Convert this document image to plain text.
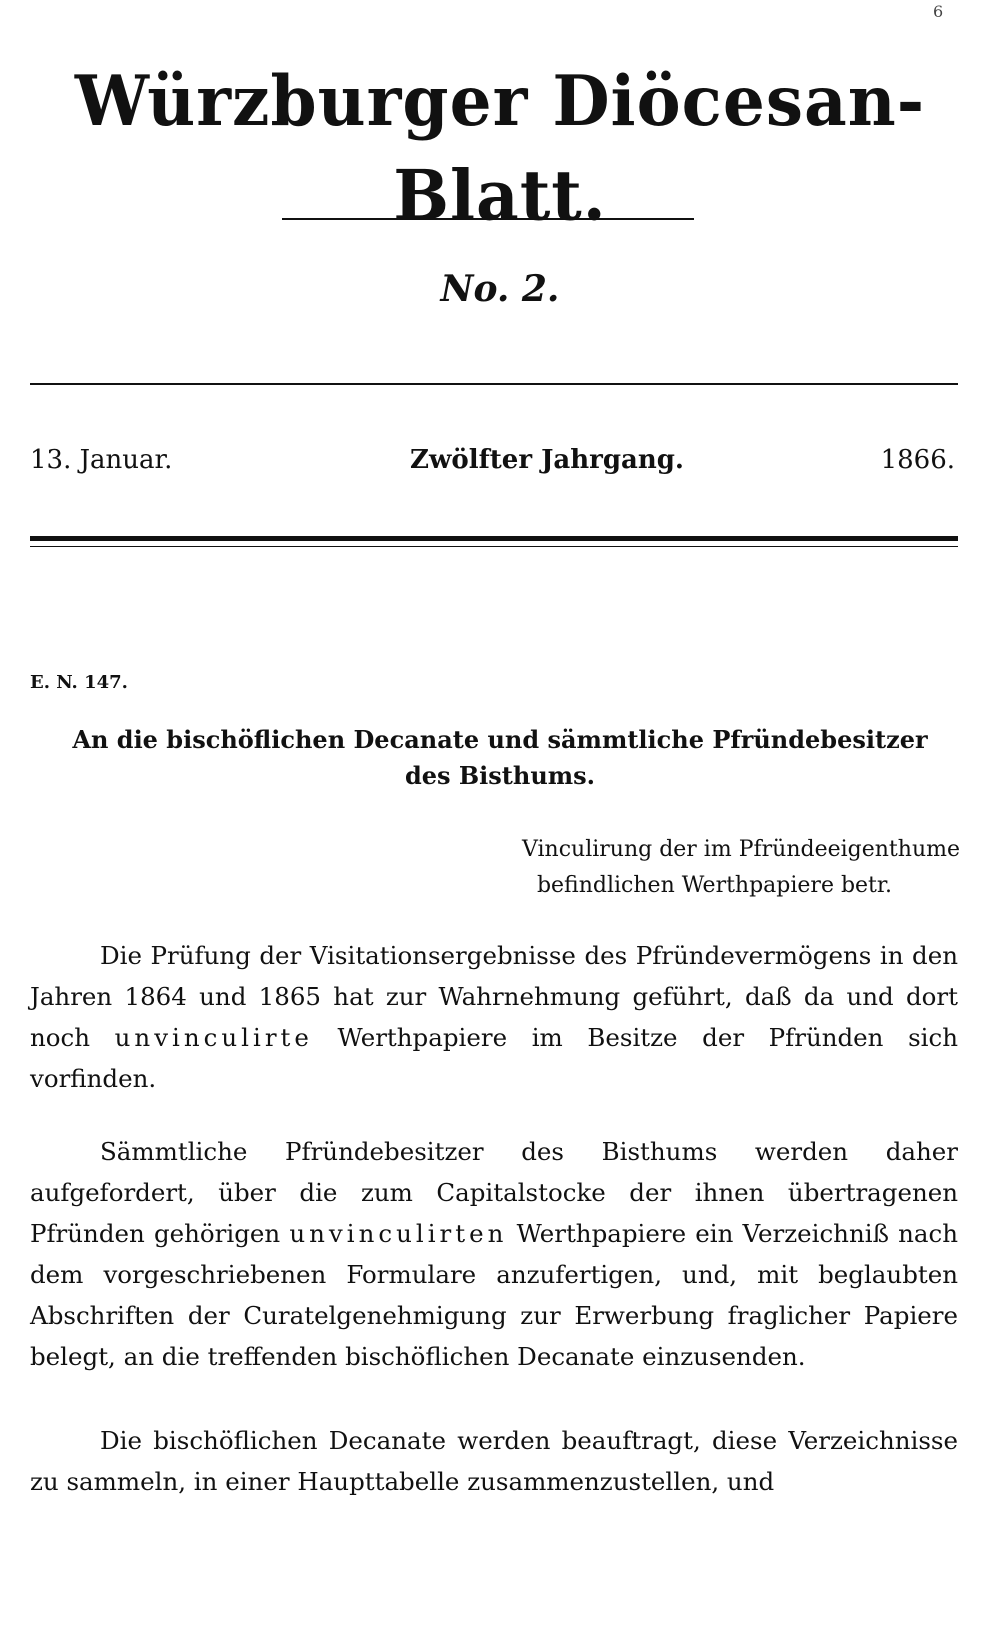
6
Würzburger Diöcesan-Blatt.
No. 2.
13. Januar.	Zwölfter Jahrgang.	1866.
E. N. 147.
An die bischöflichen Decanate und sämmtliche Pfründebesitzer
des Bisthums.
Vinculirung der im Pfründeeigenthume
befindlichen Werthpapiere betr.
Die Prüfung der Visitationsergebnisse des Pfründevermögens in den Jahren 1864 und 1865 hat zur Wahrnehmung geführt, daß da und dort noch unvinculirte Werthpapiere im Besitze der Pfründen sich vorfinden.
Sämmtliche Pfründebesitzer des Bisthums werden daher aufgefordert, über die zum Capitalstocke der ihnen übertragenen Pfründen gehörigen unvinculirten Werthpapiere ein Verzeichniß nach dem vorgeschriebenen Formulare anzufertigen, und, mit beglaubten Abschriften der Curatelgenehmigung zur Erwerbung fraglicher Papiere belegt, an die treffenden bischöflichen Decanate einzusenden.
Die bischöflichen Decanate werden beauftragt, diese Verzeichnisse zu sammeln, in einer Haupttabelle zusammenzustellen, und
